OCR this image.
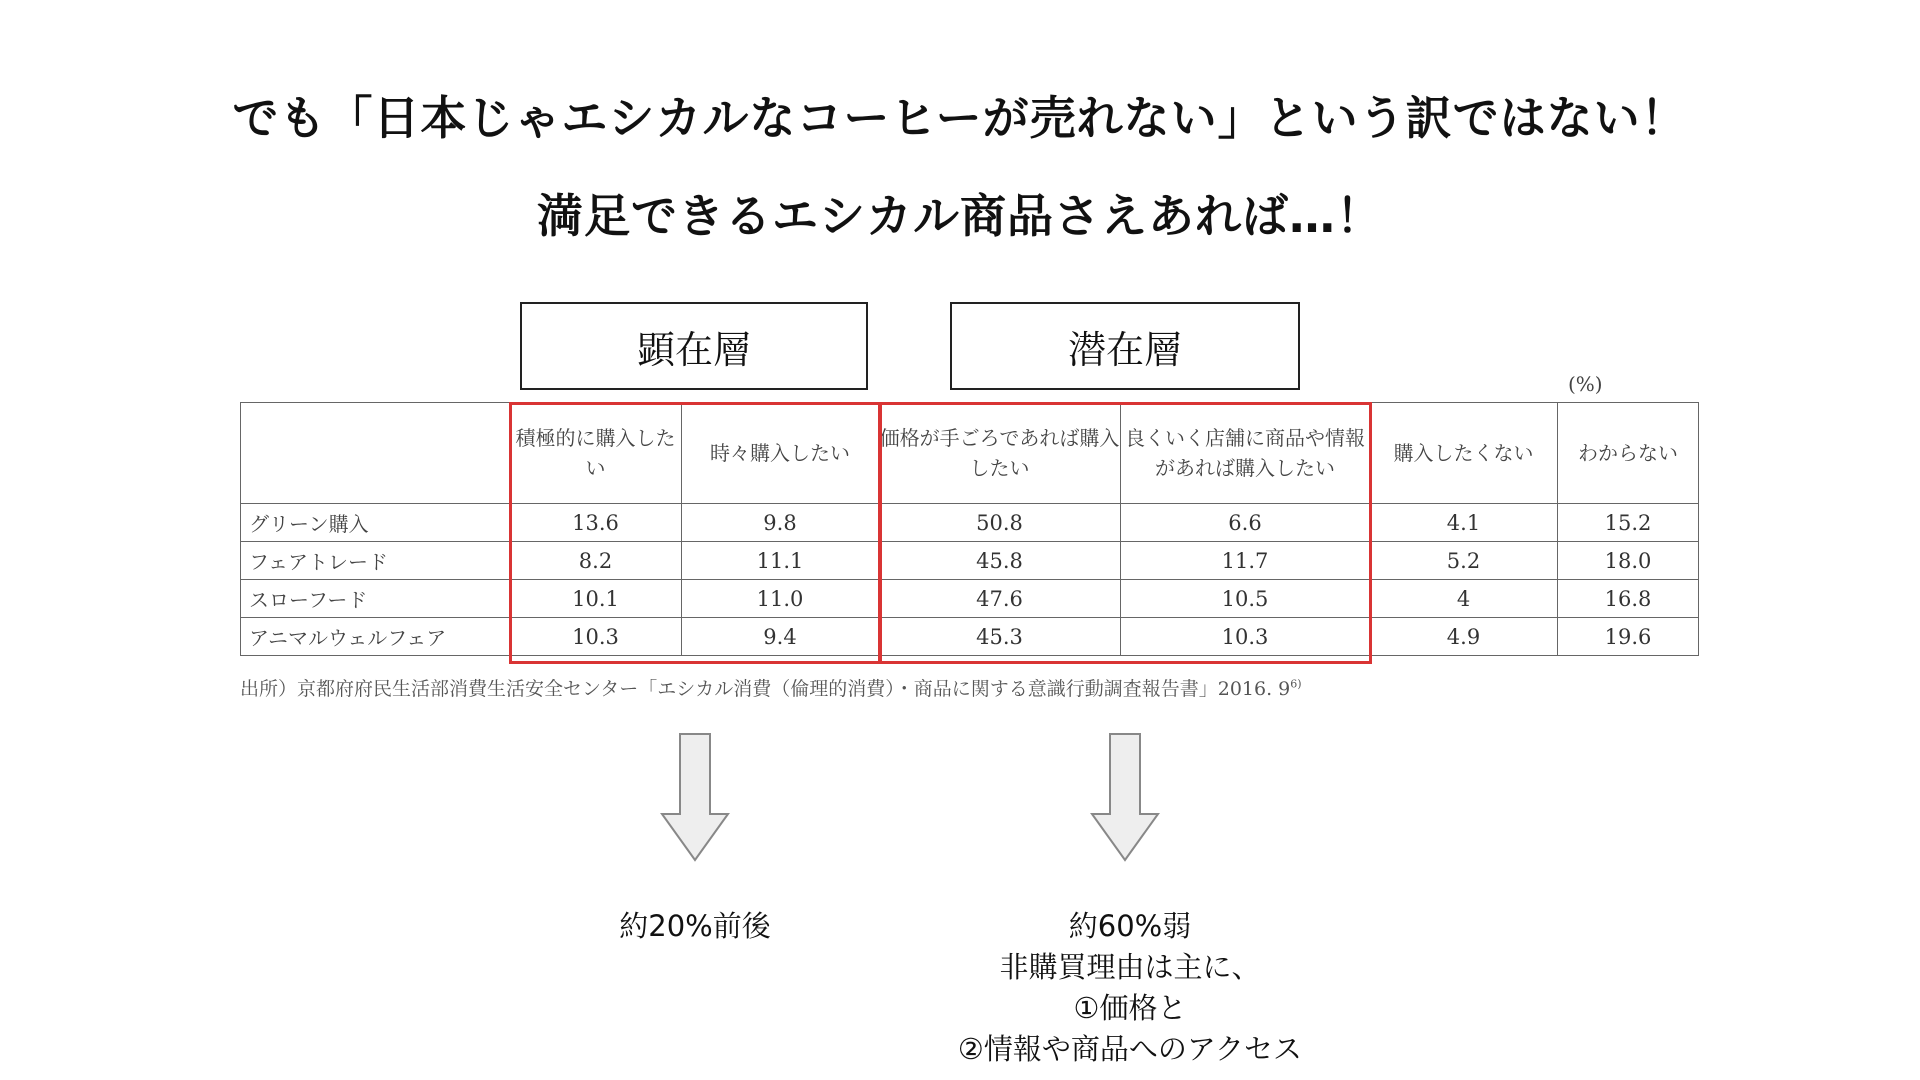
でも「日本じゃエシカルなコーヒーが売れない」という訳ではない！
満足できるエシカル商品さえあれば…！
顕在層	潜在層
(%)
	積極的に購入したい	時々購入したい	価格が手ごろであれば購入したい	良くいく店舗に商品や情報があれば購入したい	購入したくない	わからない
グリーン購入	13.6	9.8	50.8	6.6	4.1	15.2
フェアトレード	8.2	11.1	45.8	11.7	5.2	18.0
スローフード	10.1	11.0	47.6	10.5	4	16.8
アニマルウェルフェア	10.3	9.4	45.3	10.3	4.9	19.6
出所）京都府府民生活部消費生活安全センター「エシカル消費（倫理的消費）・商品に関する意識行動調査報告書」2016. 9$^{6)}$
約20%前後	約60%弱
非購買理由は主に、
①価格と
②情報や商品へのアクセス
